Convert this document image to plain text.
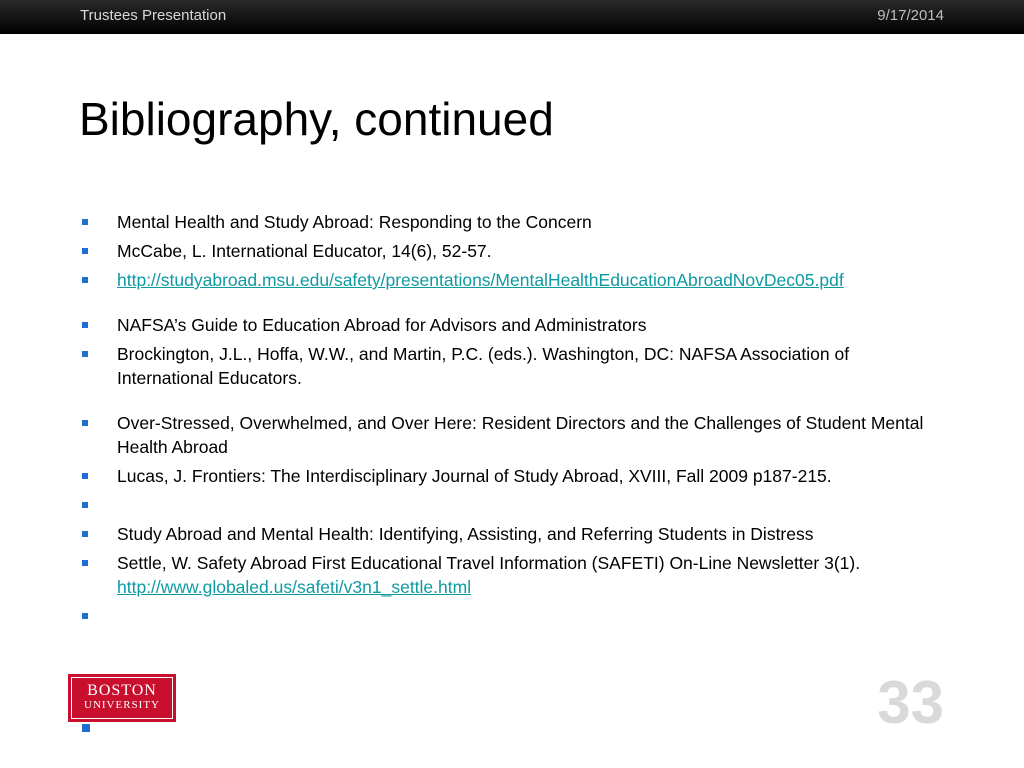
Trustees Presentation	9/17/2014
Bibliography, continued
Mental Health and Study Abroad: Responding to the Concern
McCabe, L. International Educator, 14(6), 52-57.
http://studyabroad.msu.edu/safety/presentations/MentalHealthEducationAbroadNovDec05.pdf
NAFSA’s Guide to Education Abroad for Advisors and Administrators
Brockington, J.L., Hoffa, W.W., and Martin, P.C. (eds.). Washington, DC: NAFSA Association of International Educators.
Over-Stressed, Overwhelmed, and Over Here: Resident Directors and the Challenges of Student Mental Health Abroad
Lucas, J. Frontiers: The Interdisciplinary Journal of Study Abroad, XVIII, Fall 2009 p187-215.

Study Abroad and Mental Health: Identifying, Assisting, and Referring Students in Distress
Settle, W. Safety Abroad First Educational Travel Information (SAFETI) On-Line Newsletter 3(1). http://www.globaled.us/safeti/v3n1_settle.html

BOSTON
UNIVERSITY	33
